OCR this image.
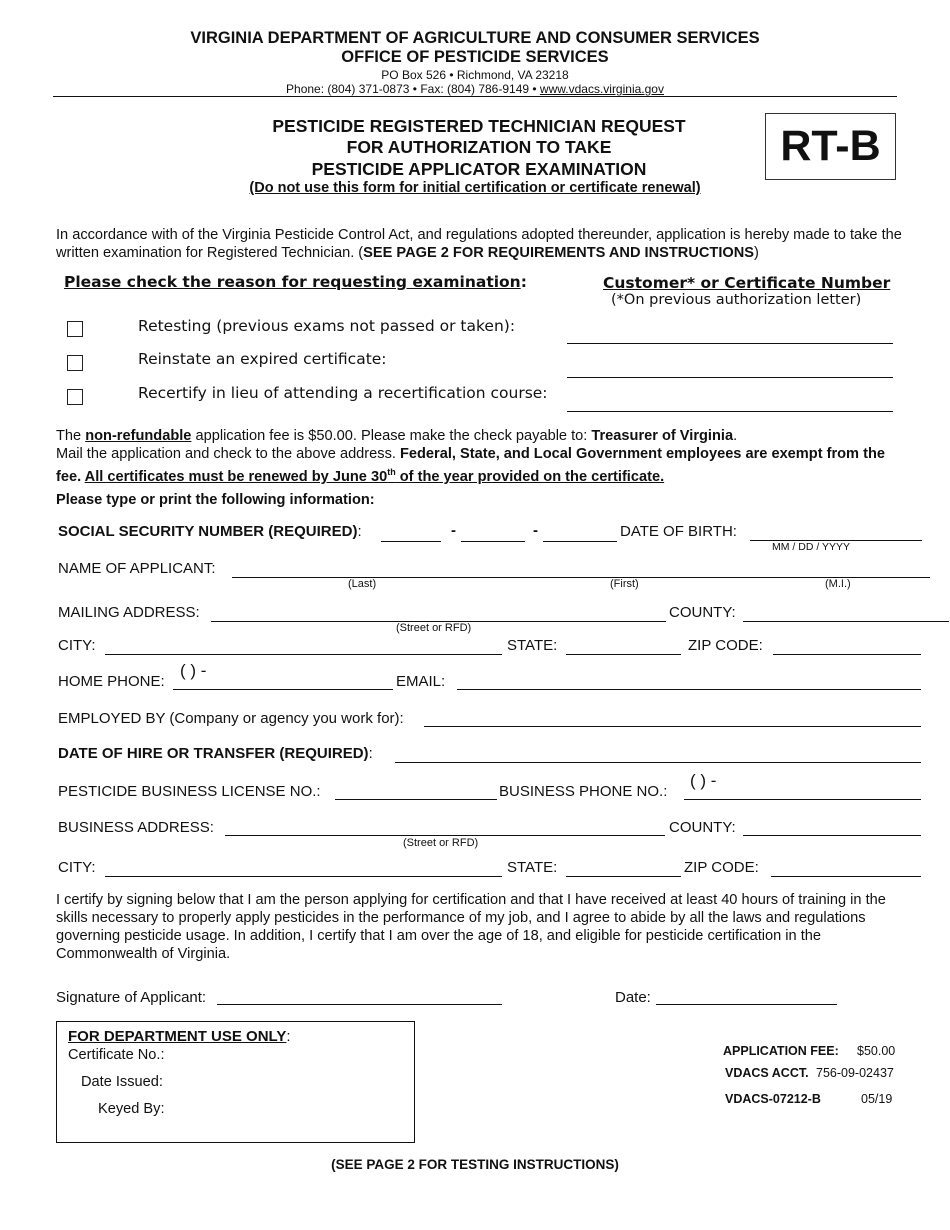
VIRGINIA DEPARTMENT OF AGRICULTURE AND CONSUMER SERVICES
OFFICE OF PESTICIDE SERVICES
PO Box 526 • Richmond, VA 23218
Phone: (804) 371-0873 • Fax: (804) 786-9149 • www.vdacs.virginia.gov
PESTICIDE REGISTERED TECHNICIAN REQUEST
FOR AUTHORIZATION TO TAKE
PESTICIDE APPLICATOR EXAMINATION
(Do not use this form for initial certification or certificate renewal)
RT-B
In accordance with of the Virginia Pesticide Control Act, and regulations adopted thereunder, application is hereby made to take the written examination for Registered Technician. (SEE PAGE 2 FOR REQUIREMENTS AND INSTRUCTIONS)
Please check the reason for requesting examination:	Customer* or Certificate Number
(*On previous authorization letter)
Retesting (previous exams not passed or taken):
Reinstate an expired certificate:
Recertify in lieu of attending a recertification course:
The non-refundable application fee is $50.00. Please make the check payable to: Treasurer of Virginia.
Mail the application and check to the above address. Federal, State, and Local Government employees are exempt from the fee. All certificates must be renewed by June 30th of the year provided on the certificate.
Please type or print the following information:
SOCIAL SECURITY NUMBER (REQUIRED):	-	-	DATE OF BIRTH:
MM / DD / YYYY
NAME OF APPLICANT:
(Last)	(First)	(M.I.)
MAILING ADDRESS:	COUNTY:
(Street or RFD)
CITY:	STATE:	ZIP CODE:
HOME PHONE:
( ) -
EMAIL:
EMPLOYED BY (Company or agency you work for):
DATE OF HIRE OR TRANSFER (REQUIRED):
PESTICIDE BUSINESS LICENSE NO.:	BUSINESS PHONE NO.:
( ) -
BUSINESS ADDRESS:	COUNTY:
(Street or RFD)
CITY:	STATE:	ZIP CODE:
I certify by signing below that I am the person applying for certification and that I have received at least 40 hours of training in the skills necessary to properly apply pesticides in the performance of my job, and I agree to abide by all the laws and regulations governing pesticide usage. In addition, I certify that I am over the age of 18, and eligible for pesticide certification in the Commonwealth of Virginia.
Signature of Applicant:	Date:
FOR DEPARTMENT USE ONLY:
Certificate No.:
Date Issued:
Keyed By:
APPLICATION FEE: $50.00
VDACS ACCT. 756-09-02437
VDACS-07212-B	05/19
(SEE PAGE 2 FOR TESTING INSTRUCTIONS)
